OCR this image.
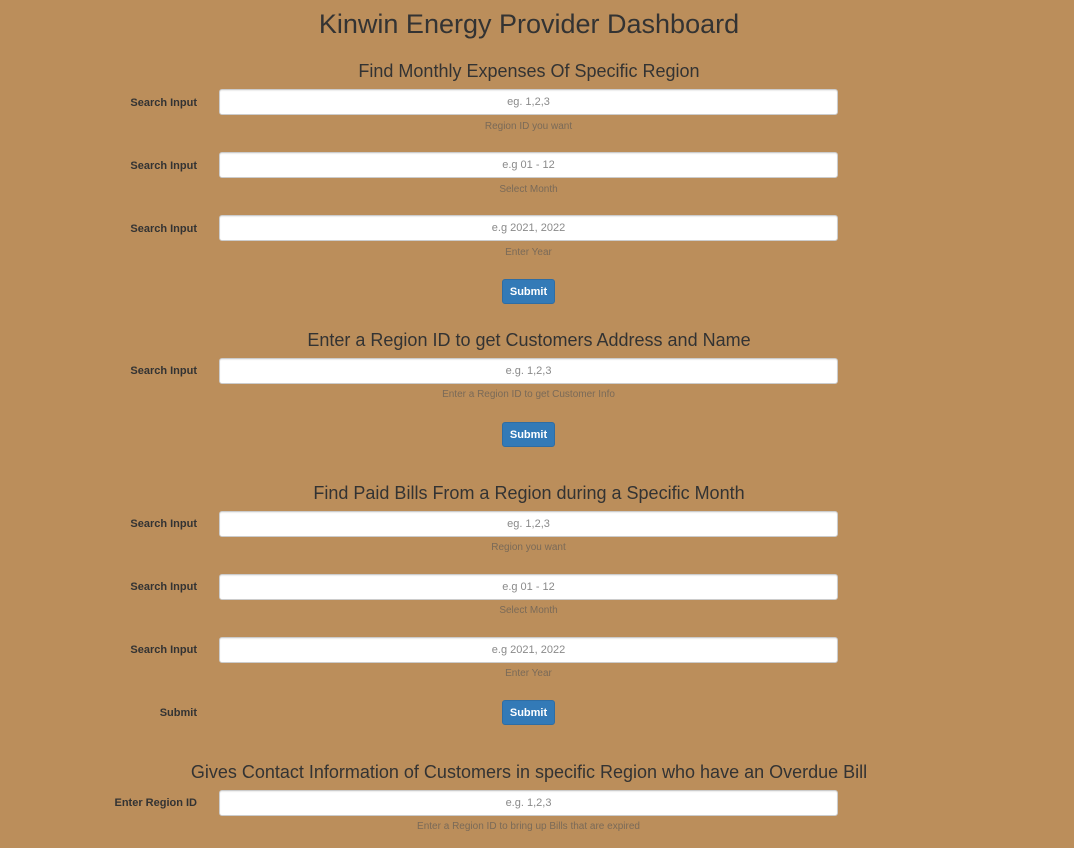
Kinwin Energy Provider Dashboard
Find Monthly Expenses Of Specific Region
Search Input
eg. 1,2,3
Region ID you want
Search Input
e.g 01 - 12
Select Month
Search Input
e.g 2021, 2022
Enter Year
Submit
Enter a Region ID to get Customers Address and Name
Search Input
e.g. 1,2,3
Enter a Region ID to get Customer Info
Submit
Find Paid Bills From a Region during a Specific Month
Search Input
eg. 1,2,3
Region you want
Search Input
e.g 01 - 12
Select Month
Search Input
e.g 2021, 2022
Enter Year
Submit	Submit
Gives Contact Information of Customers in specific Region who have an Overdue Bill
Enter Region ID
e.g. 1,2,3
Enter a Region ID to bring up Bills that are expired
